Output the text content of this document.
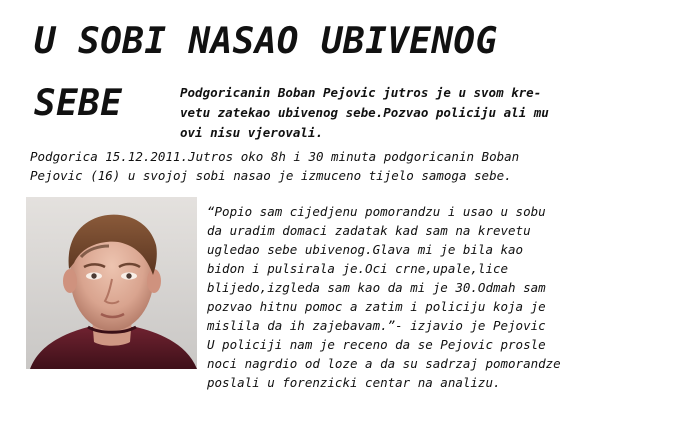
U SOBI NASAO UBIVENOG
SEBE	Podgoricanin Boban Pejovic jutros je u svom kre-
vetu zatekao ubivenog sebe.Pozvao policiju ali mu
ovi nisu vjerovali.
Podgorica 15.12.2011.Jutros oko 8h i 30 minuta podgoricanin Boban
Pejovic (16) u svojoj sobi nasao je izmuceno tijelo samoga sebe.
“Popio sam cijedjenu pomorandzu i usao u sobu
da uradim domaci zadatak kad sam na krevetu
ugledao sebe ubivenog.Glava mi je bila kao
bidon i pulsirala je.Oci crne,upale,lice
blijedo,izgleda sam kao da mi je 30.Odmah sam
pozvao hitnu pomoc a zatim i policiju koja je
mislila da ih zajebavam.”- izjavio je Pejovic
U policiji nam je receno da se Pejovic prosle
noci nagrdio od loze a da su sadrzaj pomorandze
poslali u forenzicki centar na analizu.
